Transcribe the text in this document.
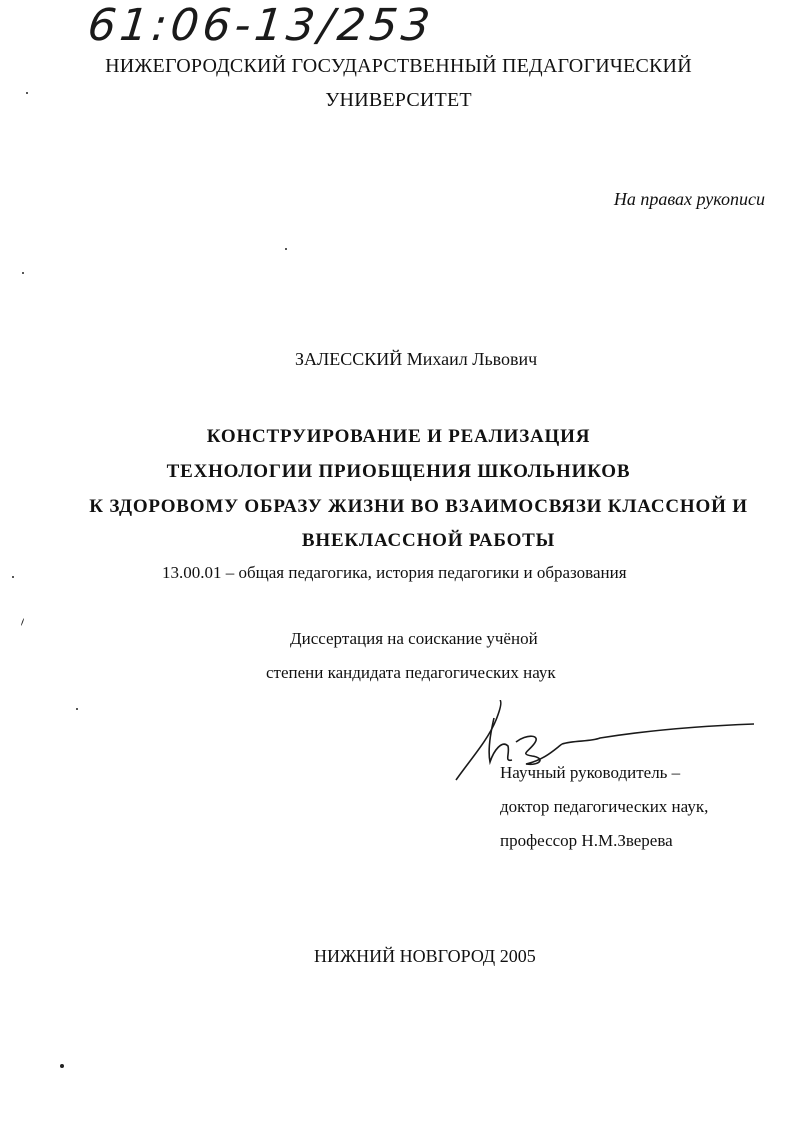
61:06-13/253
НИЖЕГОРОДСКИЙ ГОСУДАРСТВЕННЫЙ ПЕДАГОГИЧЕСКИЙ
УНИВЕРСИТЕТ
На правах рукописи
ЗАЛЕССКИЙ Михаил Львович
КОНСТРУИРОВАНИЕ И РЕАЛИЗАЦИЯ
ТЕХНОЛОГИИ ПРИОБЩЕНИЯ ШКОЛЬНИКОВ
К ЗДОРОВОМУ ОБРАЗУ ЖИЗНИ ВО ВЗАИМОСВЯЗИ КЛАССНОЙ И
ВНЕКЛАССНОЙ РАБОТЫ
13.00.01 – общая педагогика, история педагогики и образования
Диссертация на соискание учёной
степени кандидата педагогических наук
Научный руководитель –
доктор педагогических наук,
профессор Н.М.Зверева
НИЖНИЙ НОВГОРОД 2005
